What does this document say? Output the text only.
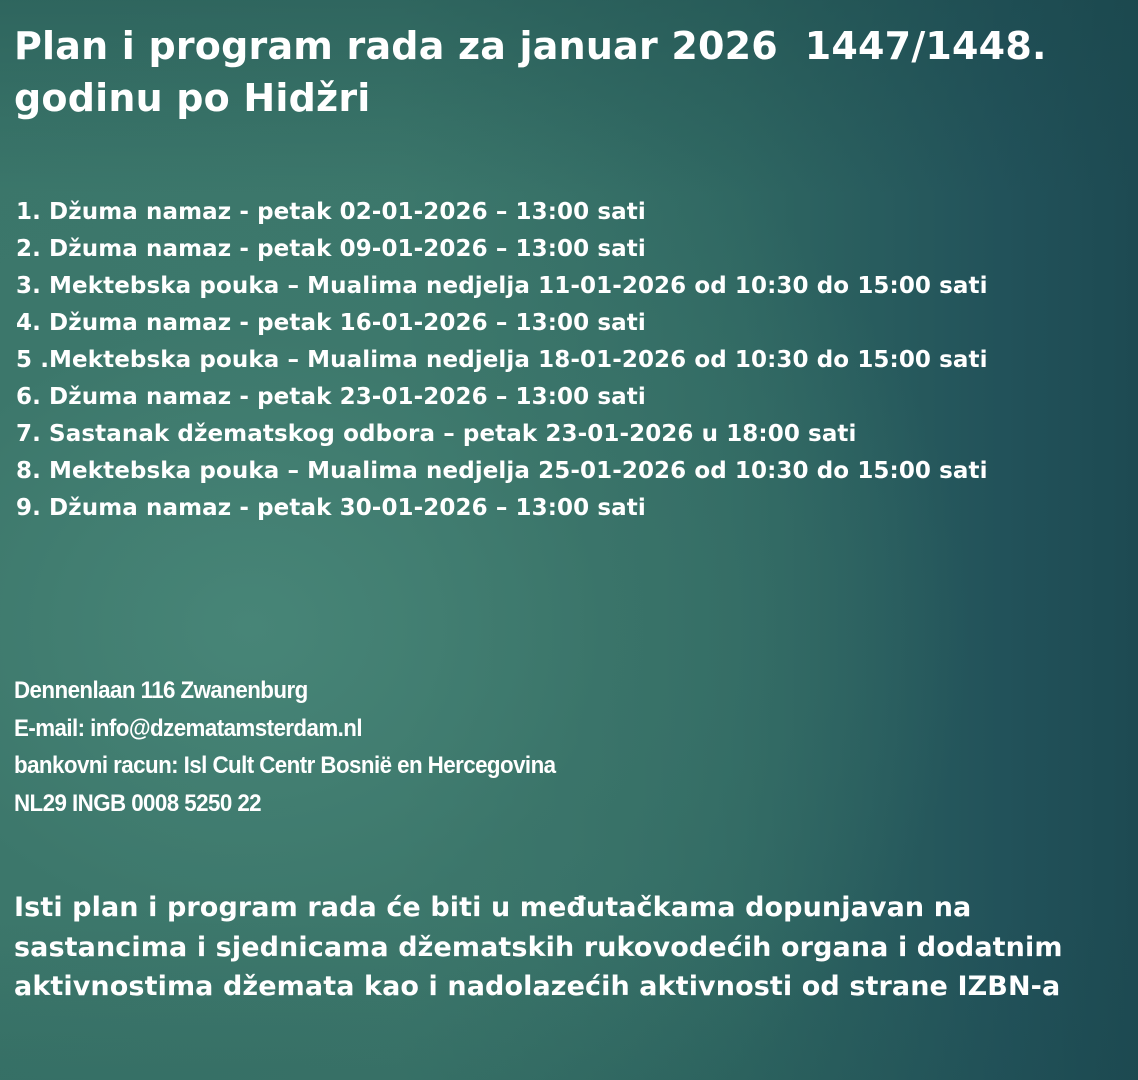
Plan i program rada za januar 2026  1447/1448.
godinu po Hidžri
1. Džuma namaz - petak 02-01-2026 – 13:00 sati
2. Džuma namaz - petak 09-01-2026 – 13:00 sati
3. Mektebska pouka – Mualima nedjelja 11-01-2026 od 10:30 do 15:00 sati
4. Džuma namaz - petak 16-01-2026 – 13:00 sati
5 .Mektebska pouka – Mualima nedjelja 18-01-2026 od 10:30 do 15:00 sati
6. Džuma namaz - petak 23-01-2026 – 13:00 sati
7. Sastanak džematskog odbora – petak 23-01-2026 u 18:00 sati
8. Mektebska pouka – Mualima nedjelja 25-01-2026 od 10:30 do 15:00 sati
9. Džuma namaz - petak 30-01-2026 – 13:00 sati
Dennenlaan 116 Zwanenburg
E-mail: info@dzematamsterdam.nl
bankovni racun: Isl Cult Centr Bosnië en Hercegovina
NL29 INGB 0008 5250 22

Isti plan i program rada će biti u međutačkama dopunjavan na sastancima i sjednicama džematskih rukovodećih organa i dodatnim aktivnostima džemata kao i nadolazećih aktivnosti od strane IZBN-a
